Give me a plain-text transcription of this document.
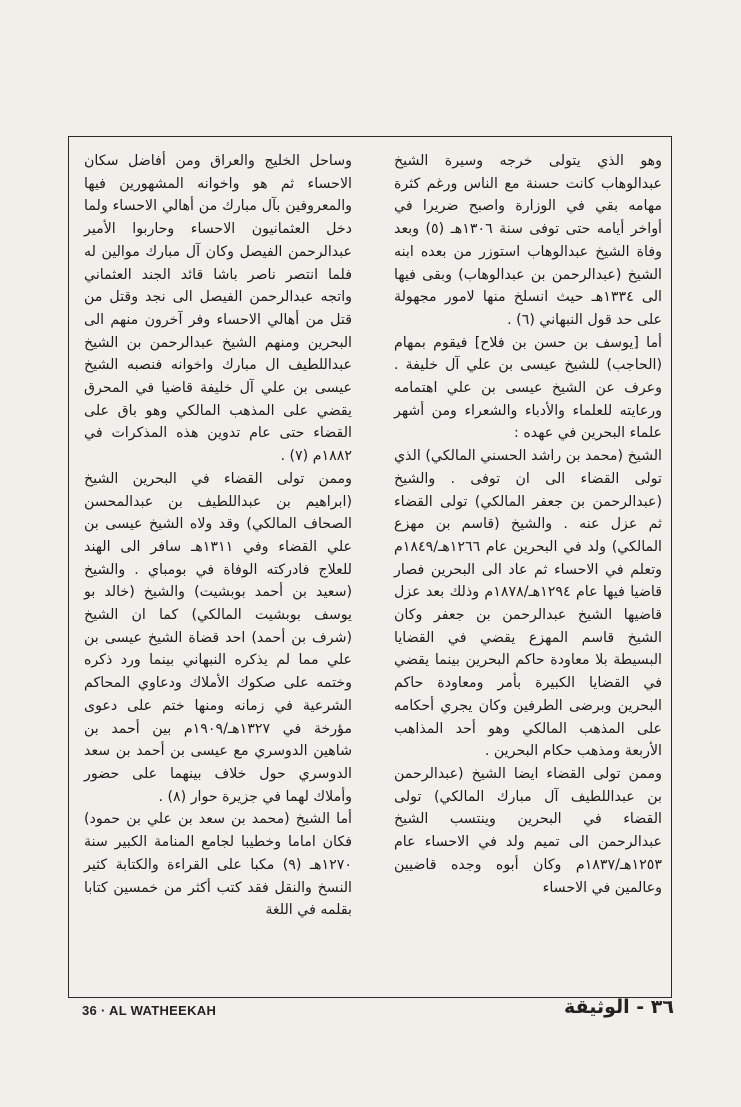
وهو الذي يتولى خرجه وسيرة الشيخ عبدالوهاب كانت حسنة مع الناس ورغم كثرة مهامه بقي في الوزارة واصبح ضريرا في أواخر أيامه حتى توفى سنة ١٣٠٦هـ (٥) وبعد وفاة الشيخ عبدالوهاب استوزر من بعده ابنه الشيخ (عبدالرحمن بن عبدالوهاب) وبقى فيها الى ١٣٣٤هـ حيث انسلخ منها لامور مجهولة على حد قول النبهاني (٦) .
أما [يوسف بن حسن بن فلاح] فيقوم بمهام (الحاجب) للشيخ عيسى بن علي آل خليفة . وعرف عن الشيخ عيسى بن علي اهتمامه ورعايته للعلماء والأدباء والشعراء ومن أشهر علماء البحرين في عهده :
الشيخ (محمد بن راشد الحسني المالكي) الذي تولى القضاء الى ان توفى . والشيخ (عبدالرحمن بن جعفر المالكي) تولى القضاء ثم عزل عنه . والشيخ (قاسم بن مهزع المالكي) ولد في البحرين عام ١٢٦٦هـ/١٨٤٩م وتعلم في الاحساء ثم عاد الى البحرين فصار قاضيا فيها عام ١٢٩٤هـ/١٨٧٨م وذلك بعد عزل قاضيها الشيخ عبدالرحمن بن جعفر وكان الشيخ قاسم المهزع يقضي في القضايا البسيطة بلا معاودة حاكم البحرين بينما يقضي في القضايا الكبيرة بأمر ومعاودة حاكم البحرين وبرضى الطرفين وكان يجري أحكامه على المذهب المالكي وهو أحد المذاهب الأربعة ومذهب حكام البحرين .
وممن تولى القضاء ايضا الشيخ (عبدالرحمن بن عبداللطيف آل مبارك المالكي) تولى القضاء في البحرين وينتسب الشيخ عبدالرحمن الى تميم ولد في الاحساء عام ١٢٥٣هـ/١٨٣٧م وكان أبوه وجده قاضيين وعالمين في الاحساء
وساحل الخليج والعراق ومن أفاضل سكان الاحساء ثم هو واخوانه المشهورين فيها والمعروفين بآل مبارك من أهالي الاحساء ولما دخل العثمانيون الاحساء وحاربوا الأمير عبدالرحمن الفيصل وكان آل مبارك موالين له فلما انتصر ناصر باشا قائد الجند العثماني واتجه عبدالرحمن الفيصل الى نجد وقتل من قتل من أهالي الاحساء وفر آخرون منهم الى البحرين ومنهم الشيخ عبدالرحمن بن الشيخ عبداللطيف ال مبارك واخوانه فنصبه الشيخ عيسى بن علي آل خليفة قاضيا في المحرق يقضي على المذهب المالكي وهو باق على القضاء حتى عام تدوين هذه المذكرات في ١٨٨٢م (٧) .
وممن تولى القضاء في البحرين الشيخ (ابراهيم بن عبداللطيف بن عبدالمحسن الصحاف المالكي) وقد ولاه الشيخ عيسى بن علي القضاء وفي ١٣١١هـ سافر الى الهند للعلاج فادركته الوفاة في بومباي . والشيخ (سعيد بن أحمد بوبشيت) والشيخ (خالد بو يوسف بوبشيت المالكي) كما ان الشيخ (شرف بن أحمد) احد قضاة الشيخ عيسى بن علي مما لم يذكره النبهاني بينما ورد ذكره وختمه على صكوك الأملاك ودعاوي المحاكم الشرعية في زمانه ومنها ختم على دعوى مؤرخة في ١٣٢٧هـ/١٩٠٩م بين أحمد بن شاهين الدوسري مع عيسى بن أحمد بن سعد الدوسري حول خلاف بينهما على حضور وأملاك لهما في جزيرة حوار (٨) .
أما الشيخ (محمد بن سعد بن علي بن حمود) فكان اماما وخطيبا لجامع المنامة الكبير سنة ١٢٧٠هـ (٩) مكبا على القراءة والكتابة كثير النسخ والنقل فقد كتب أكثر من خمسين كتابا بقلمه في اللغة
36 · AL WATHEEKAH	٣٦ - الوثيقة
